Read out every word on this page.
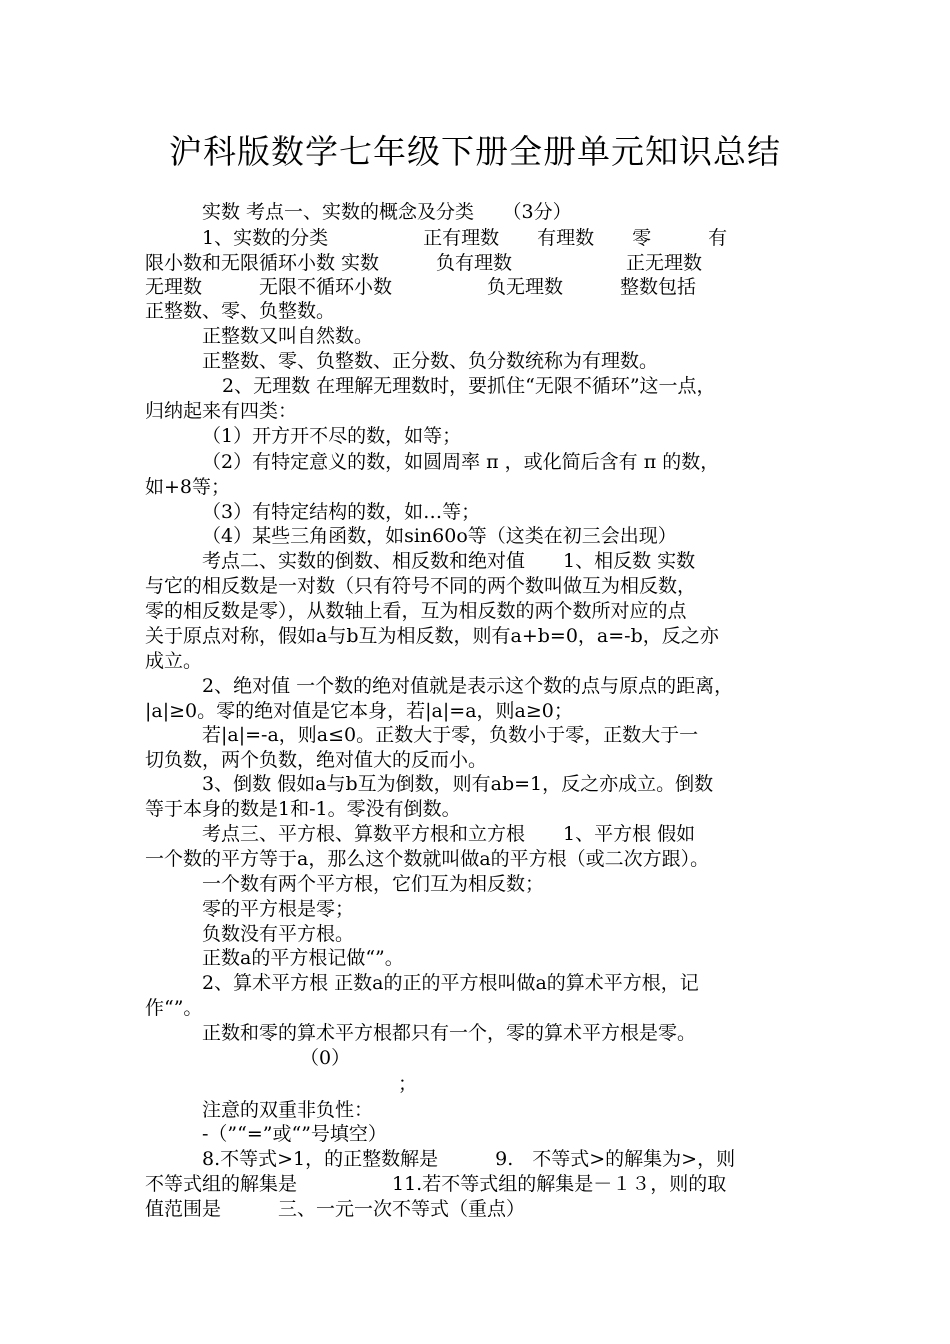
沪科版数学七年级下册全册单元知识总结

实数 考点一、实数的概念及分类　　（3分）

1、实数的分类　　　　　正有理数　　有理数　　零　　　有

限小数和无限循环小数 实数　　　负有理数　　　　　　正无理数

无理数　　　无限不循环小数　　　　　负无理数　　　整数包括

正整数、零、负整数。

正整数又叫自然数。

正整数、零、负整数、正分数、负分数统称为有理数。

2、无理数 在理解无理数时，要抓住“无限不循环”这一点，

归纳起来有四类：

（1）开方开不尽的数，如等；

（2）有特定意义的数，如圆周率 π ，或化简后含有 π 的数，

如+8等；

（3）有特定结构的数，如…等；

（4）某些三角函数，如sin60o等（这类在初三会出现）

考点二、实数的倒数、相反数和绝对值　　1、相反数 实数

与它的相反数是一对数（只有符号不同的两个数叫做互为相反数，

零的相反数是零），从数轴上看，互为相反数的两个数所对应的点

关于原点对称，假如a与b互为相反数，则有a+b=0，a=-b，反之亦

成立。

2、绝对值 一个数的绝对值就是表示这个数的点与原点的距离，

|a|≥0。零的绝对值是它本身，若|a|=a，则a≥0；

若|a|=-a，则a≤0。正数大于零，负数小于零，正数大于一

切负数，两个负数，绝对值大的反而小。

3、倒数 假如a与b互为倒数，则有ab=1，反之亦成立。倒数

等于本身的数是1和-1。零没有倒数。

考点三、平方根、算数平方根和立方根　　1、平方根 假如

一个数的平方等于a，那么这个数就叫做a的平方根（或二次方跟）。

一个数有两个平方根，它们互为相反数；

零的平方根是零；

负数没有平方根。

正数a的平方根记做“”。

2、算术平方根 正数a的正的平方根叫做a的算术平方根，记

作“”。

正数和零的算术平方根都只有一个，零的算术平方根是零。

（0）

；

注意的双重非负性：

-（”“=”或“”号填空）

8.不等式>1，的正整数解是　　　9.　不等式>的解集为>，则

不等式组的解集是　　　　　11.若不等式组的解集是－１３，则的取

值范围是　　　三、一元一次不等式（重点）
